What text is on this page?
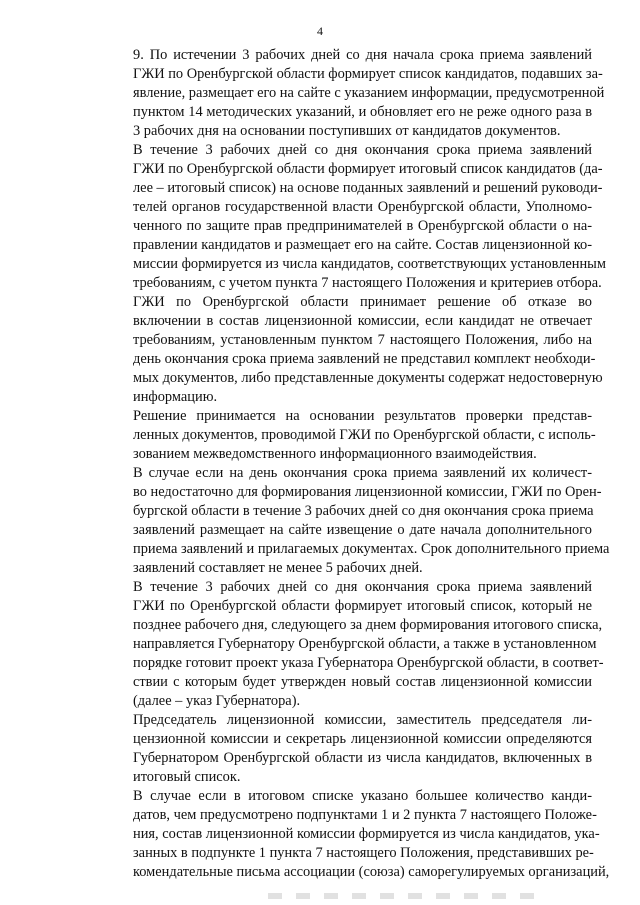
4

9. По истечении 3 рабочих дней со дня начала срока приема заявлений
ГЖИ по Оренбургской области формирует список кандидатов, подавших за-
явление, размещает его на сайте с указанием информации, предусмотренной
пунктом 14 методических указаний, и обновляет его не реже одного раза в
3 рабочих дня на основании поступивших от кандидатов документов.

В течение 3 рабочих дней со дня окончания срока приема заявлений
ГЖИ по Оренбургской области формирует итоговый список кандидатов (да-
лее – итоговый список) на основе поданных заявлений и решений руководи-
телей органов государственной власти Оренбургской области, Уполномо-
ченного по защите прав предпринимателей в Оренбургской области о на-
правлении кандидатов и размещает его на сайте. Состав лицензионной ко-
миссии формируется из числа кандидатов, соответствующих установленным
требованиям, с учетом пункта 7 настоящего Положения и критериев отбора.

ГЖИ по Оренбургской области принимает решение об отказе во
включении в состав лицензионной комиссии, если кандидат не отвечает
требованиям, установленным пунктом 7 настоящего Положения, либо на
день окончания срока приема заявлений не представил комплект необходи-
мых документов, либо представленные документы содержат недостоверную
информацию.

Решение принимается на основании результатов проверки представ-
ленных документов, проводимой ГЖИ по Оренбургской области, с исполь-
зованием межведомственного информационного взаимодействия.

В случае если на день окончания срока приема заявлений их количест-
во недостаточно для формирования лицензионной комиссии, ГЖИ по Орен-
бургской области в течение 3 рабочих дней со дня окончания срока приема
заявлений размещает на сайте извещение о дате начала дополнительного
приема заявлений и прилагаемых документах. Срок дополнительного приема
заявлений составляет не менее 5 рабочих дней.

В течение 3 рабочих дней со дня окончания срока приема заявлений
ГЖИ по Оренбургской области формирует итоговый список, который не
позднее рабочего дня, следующего за днем формирования итогового списка,
направляется Губернатору Оренбургской области, а также в установленном
порядке готовит проект указа Губернатора Оренбургской области, в соответ-
ствии с которым будет утвержден новый состав лицензионной комиссии
(далее – указ Губернатора).

Председатель лицензионной комиссии, заместитель председателя ли-
цензионной комиссии и секретарь лицензионной комиссии определяются
Губернатором Оренбургской области из числа кандидатов, включенных в
итоговый список.

В случае если в итоговом списке указано большее количество канди-
датов, чем предусмотрено подпунктами 1 и 2 пункта 7 настоящего Положе-
ния, состав лицензионной комиссии формируется из числа кандидатов, ука-
занных в подпункте 1 пункта 7 настоящего Положения, представивших ре-
комендательные письма ассоциации (союза) саморегулируемых организаций,
